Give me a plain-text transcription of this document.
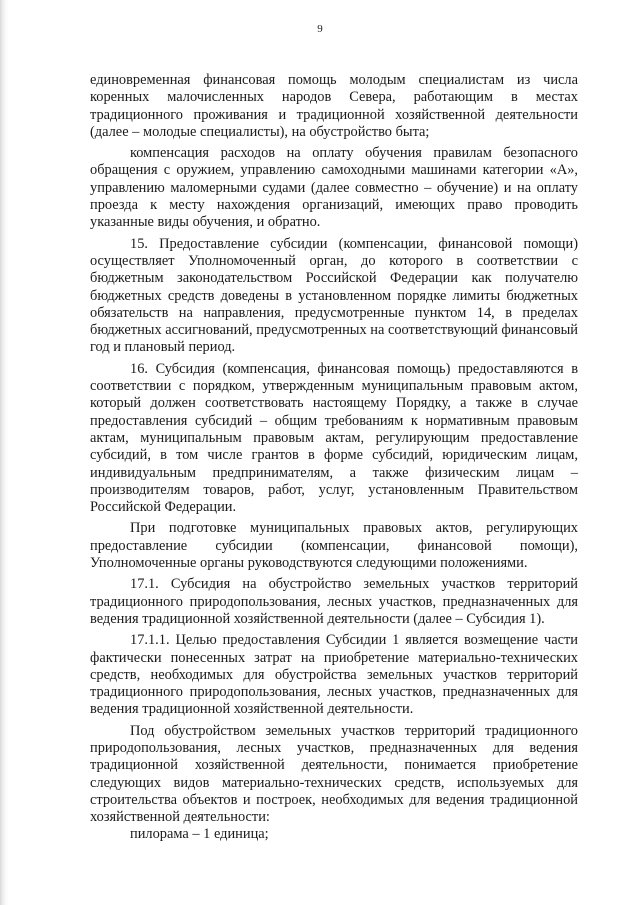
9

единовременная финансовая помощь молодым специалистам из числа коренных малочисленных народов Севера, работающим в местах традиционного проживания и традиционной хозяйственной деятельности (далее – молодые специалисты), на обустройство быта;

компенсация расходов на оплату обучения правилам безопасного обращения с оружием, управлению самоходными машинами категории «А», управлению маломерными судами (далее совместно – обучение) и на оплату проезда к месту нахождения организаций, имеющих право проводить указанные виды обучения, и обратно.

15. Предоставление субсидии (компенсации, финансовой помощи) осуществляет Уполномоченный орган, до которого в соответствии с бюджетным законодательством Российской Федерации как получателю бюджетных средств доведены в установленном порядке лимиты бюджетных обязательств на направления, предусмотренные пунктом 14, в пределах бюджетных ассигнований, предусмотренных на соответствующий финансовый год и плановый период.

16. Субсидия (компенсация, финансовая помощь) предоставляются в соответствии с порядком, утвержденным муниципальным правовым актом, который должен соответствовать настоящему Порядку, а также в случае предоставления субсидий – общим требованиям к нормативным правовым актам, муниципальным правовым актам, регулирующим предоставление субсидий, в том числе грантов в форме субсидий, юридическим лицам, индивидуальным предпринимателям, а также физическим лицам – производителям товаров, работ, услуг, установленным Правительством Российской Федерации.

При подготовке муниципальных правовых актов, регулирующих предоставление субсидии (компенсации, финансовой помощи), Уполномоченные органы руководствуются следующими положениями.

17.1. Субсидия на обустройство земельных участков территорий традиционного природопользования, лесных участков, предназначенных для ведения традиционной хозяйственной деятельности (далее – Субсидия 1).

17.1.1. Целью предоставления Субсидии 1 является возмещение части фактически понесенных затрат на приобретение материально-технических средств, необходимых для обустройства земельных участков территорий традиционного природопользования, лесных участков, предназначенных для ведения традиционной хозяйственной деятельности.

Под обустройством земельных участков территорий традиционного природопользования, лесных участков, предназначенных для ведения традиционной хозяйственной деятельности, понимается приобретение следующих видов материально-технических средств, используемых для строительства объектов и построек, необходимых для ведения традиционной хозяйственной деятельности:

пилорама – 1 единица;
